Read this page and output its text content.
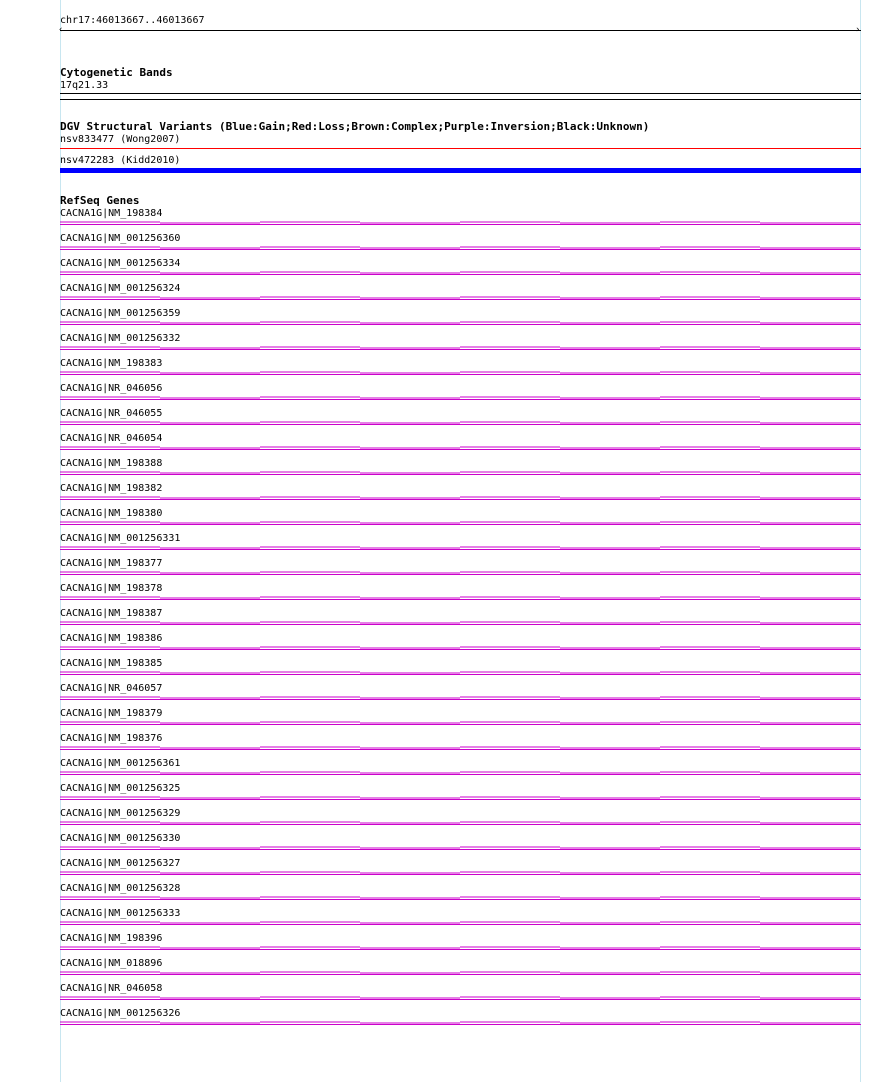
chr17:46013667..46013667
‹	›
Cytogenetic Bands
17q21.33
DGV Structural Variants (Blue:Gain;Red:Loss;Brown:Complex;Purple:Inversion;Black:Unknown)
nsv833477 (Wong2007)
nsv472283 (Kidd2010)
RefSeq Genes
CACNA1G|NM_198384
CACNA1G|NM_001256360
CACNA1G|NM_001256334
CACNA1G|NM_001256324
CACNA1G|NM_001256359
CACNA1G|NM_001256332
CACNA1G|NM_198383
CACNA1G|NR_046056
CACNA1G|NR_046055
CACNA1G|NR_046054
CACNA1G|NM_198388
CACNA1G|NM_198382
CACNA1G|NM_198380
CACNA1G|NM_001256331
CACNA1G|NM_198377
CACNA1G|NM_198378
CACNA1G|NM_198387
CACNA1G|NM_198386
CACNA1G|NM_198385
CACNA1G|NR_046057
CACNA1G|NM_198379
CACNA1G|NM_198376
CACNA1G|NM_001256361
CACNA1G|NM_001256325
CACNA1G|NM_001256329
CACNA1G|NM_001256330
CACNA1G|NM_001256327
CACNA1G|NM_001256328
CACNA1G|NM_001256333
CACNA1G|NM_198396
CACNA1G|NM_018896
CACNA1G|NR_046058
CACNA1G|NM_001256326
